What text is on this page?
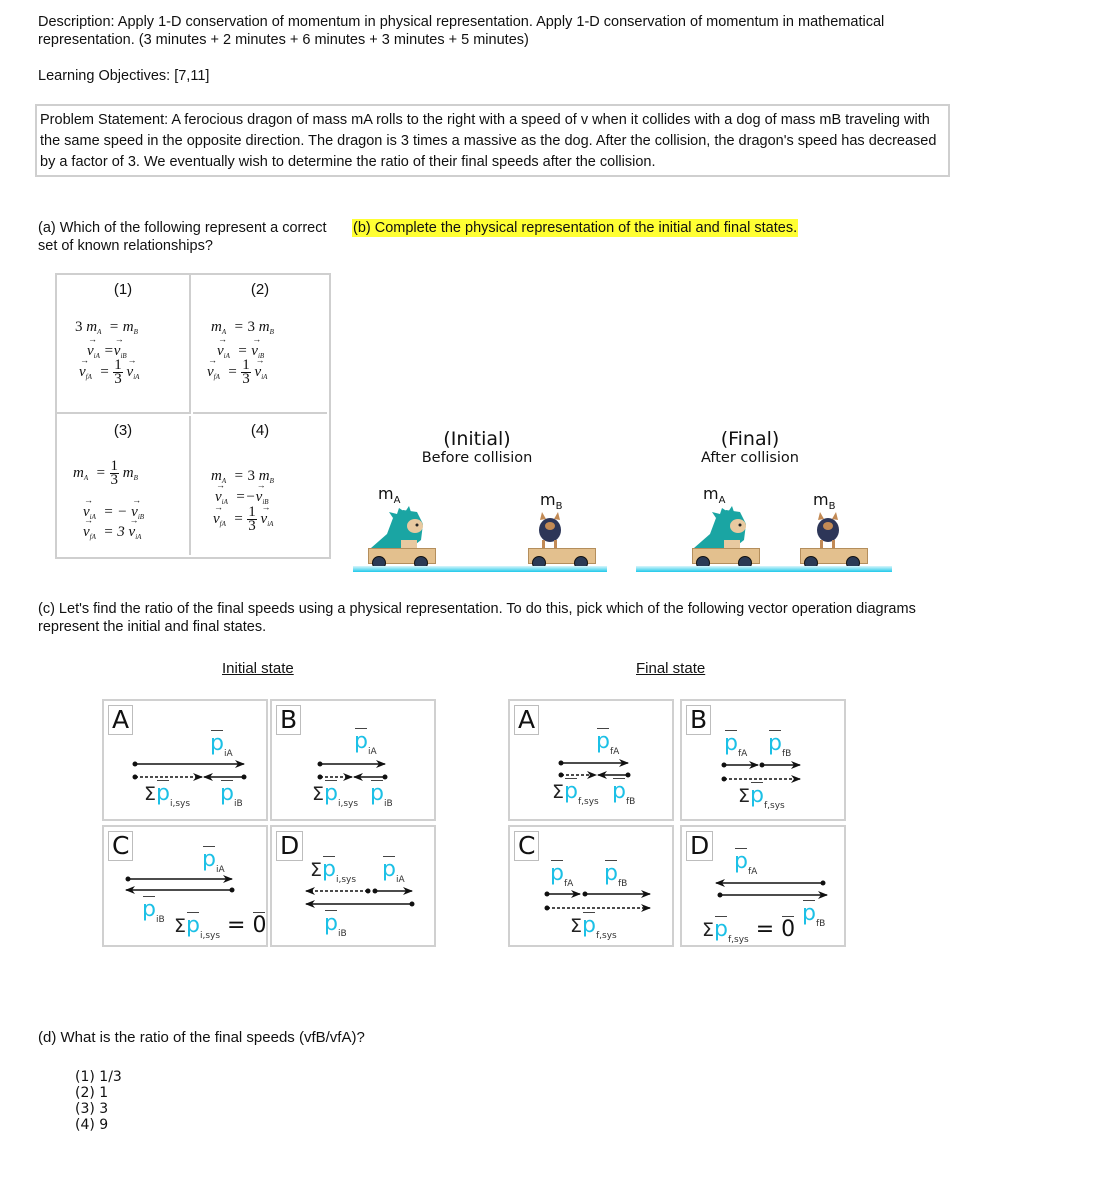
Description: Apply 1-D conservation of momentum in physical representation. Apply 1-D conservation of momentum in mathematical representation. (3 minutes + 2 minutes + 6 minutes + 3 minutes + 5 minutes)
Learning Objectives: [7,11]
Problem Statement: A ferocious dragon of mass mA rolls to the right with a speed of v when it collides with a dog of mass mB traveling with the same speed in the opposite direction. The dragon is 3 times a massive as the dog. After the collision, the dragon's speed has decreased by a factor of 3. We eventually wish to determine the ratio of their final speeds after the collision.
(a) Which of the following represent a correct set of known relationships?
(b) Complete the physical representation of the initial and final states.
(1)
3 $m_A = m_B$
→ $v_{iA} =\to v_{iB}$
→ $v_{fA} = \frac{1}{3} \to v_{iA}$
(2)
$m_A = 3$ $m_B$
→ $v_{iA}$  = → $v_{iB}$
→ $v_{fA} = \frac{1}{3} \to v_{iA}$
(3)
$m_A = \frac{1}{3} m_B$
→ $v_{iA}$  = − → $v_{iB}$
→ $v_{fA} = 3 \to v_{iA}$
(4)
$m_A = 3$ $m_B$
→ $v_{iA}$  =−→ $v_{iB}$
→ $v_{fA} = \frac{1}{3} \to v_{iA}$
(Initial)
Before collision
$m_A$	$m_B$
(Final)
After collision
$m_A$	$m_B$
(c) Let's find the ratio of the final speeds using a physical representation. To do this, pick which of the following vector operation diagrams represent the initial and final states.
Initial state	Final state
A
$p_{iA}$
$\Sigma p_{i,sys}$ $p_{iB}$
B
$p_{iA}$
$\Sigma p_{i,sys}$ $p_{iB}$
C	$p_{iA}$
$p_{iB}$ $\Sigma p_{i,sys} = 0$
D
$\Sigma p_{i,sys}$ $p_{iA}$
$p_{iB}$
A
$p_{fA}$
$\Sigma p_{f,sys}$ $p_{fB}$
B
$p_{fA}$ $p_{fB}$
$\Sigma p_{f,sys}$
C
$p_{fA}$ $p_{fB}$
$\Sigma p_{f,sys}$
D
$p_{fA}$
$p_{fB}$
$\Sigma p_{f,sys} = 0$
(d) What is the ratio of the final speeds (vfB/vfA)?
(1) 1/3
(2) 1
(3) 3
(4) 9
